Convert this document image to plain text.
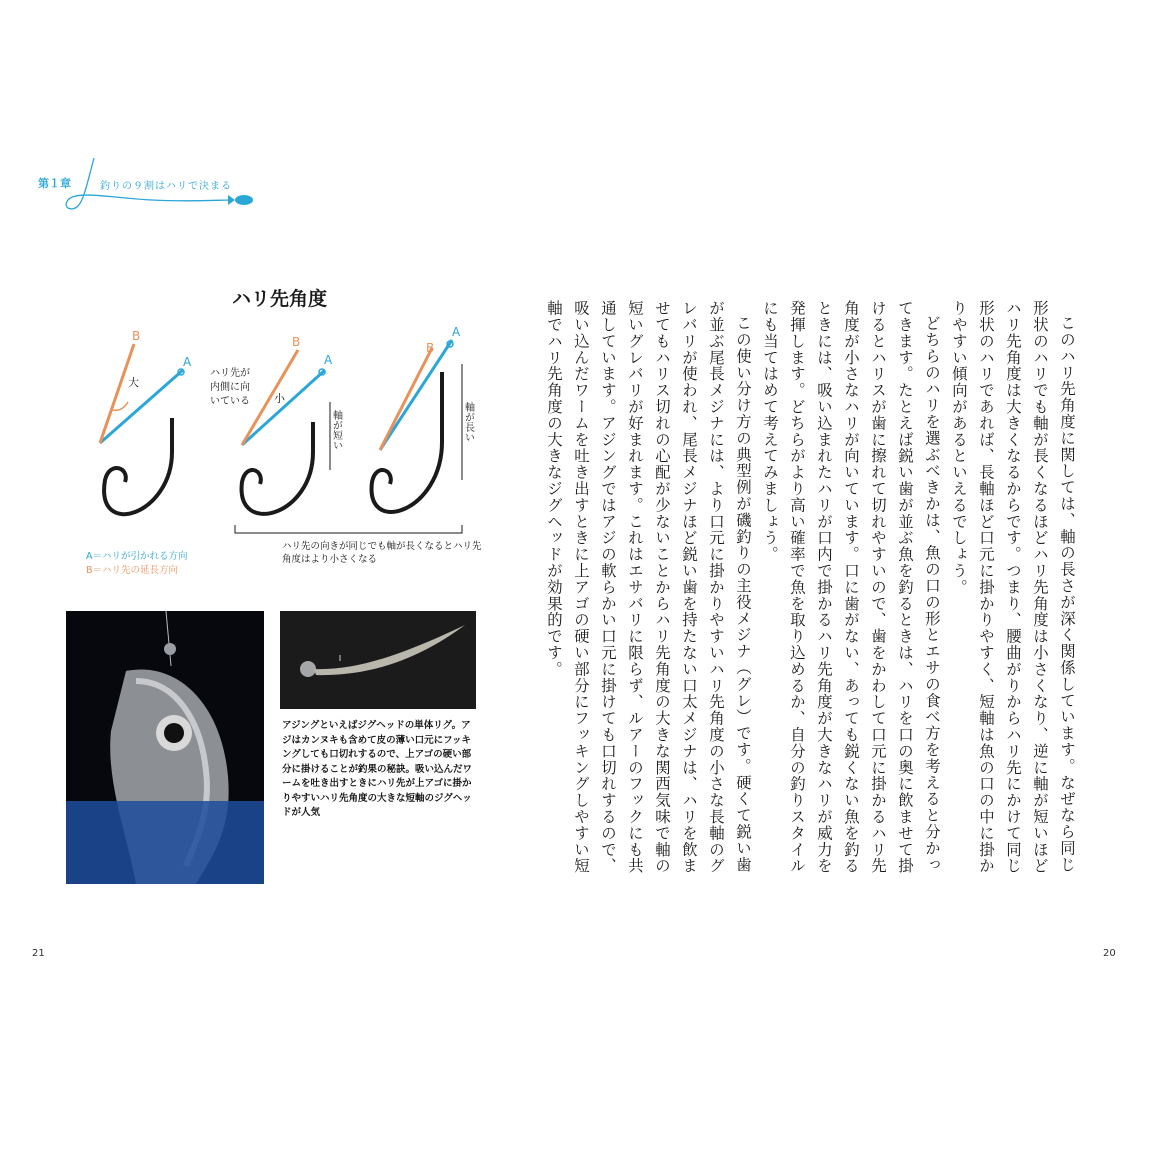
第１章	釣りの９割はハリで決まる
ハリ先角度
B
A
大
ハリ先が
内側に向
いている
B
A
小
軸が短い
B
A
軸が長い
A＝ハリが引かれる方向
B＝ハリ先の延長方向
ハリ先の向きが同じでも軸が長くなるとハリ先角度はより小さくなる
アジングといえばジグヘッドの単体リグ。アジはカンヌキも含めて皮の薄い口元にフッキングしても口切れするので、上アゴの硬い部分に掛けることが釣果の秘訣。吸い込んだワームを吐き出すときにハリ先が上アゴに掛かりやすいハリ先角度の大きな短軸のジグヘッドが人気	このハリ先角度に関しては、軸の長さが深く関係しています。なぜなら同じ形状のハリでも軸が長くなるほどハリ先角度は小さくなり、逆に軸が短いほどハリ先角度は大きくなるからです。つまり、腰曲がりからハリ先にかけて同じ形状のハリであれば、長軸ほど口元に掛かりやすく、短軸は魚の口の中に掛かりやすい傾向があるといえるでしょう。

どちらのハリを選ぶべきかは、魚の口の形とエサの食べ方を考えると分かってきます。たとえば鋭い歯が並ぶ魚を釣るときは、ハリを口の奥に飲ませて掛けるとハリスが歯に擦れて切れやすいので、歯をかわして口元に掛かるハリ先角度が小さなハリが向いています。口に歯がない、あっても鋭くない魚を釣るときには、吸い込まれたハリが口内で掛かるハリ先角度が大きなハリが威力を発揮します。どちらがより高い確率で魚を取り込めるか、自分の釣りスタイルにも当てはめて考えてみましょう。

この使い分け方の典型例が磯釣りの主役メジナ（グレ）です。硬くて鋭い歯が並ぶ尾長メジナには、より口元に掛かりやすいハリ先角度の小さな長軸のグレバリが使われ、尾長メジナほど鋭い歯を持たない口太メジナは、ハリを飲ませてもハリス切れの心配が少ないことからハリ先角度の大きな関西気味で軸の短いグレバリが好まれます。これはエサバリに限らず、ルアーのフックにも共通しています。アジングではアジの軟らかい口元に掛けても口切れするので、吸い込んだワームを吐き出すときに上アゴの硬い部分にフッキングしやすい短軸でハリ先角度の大きなジグヘッドが効果的です。

21	20
